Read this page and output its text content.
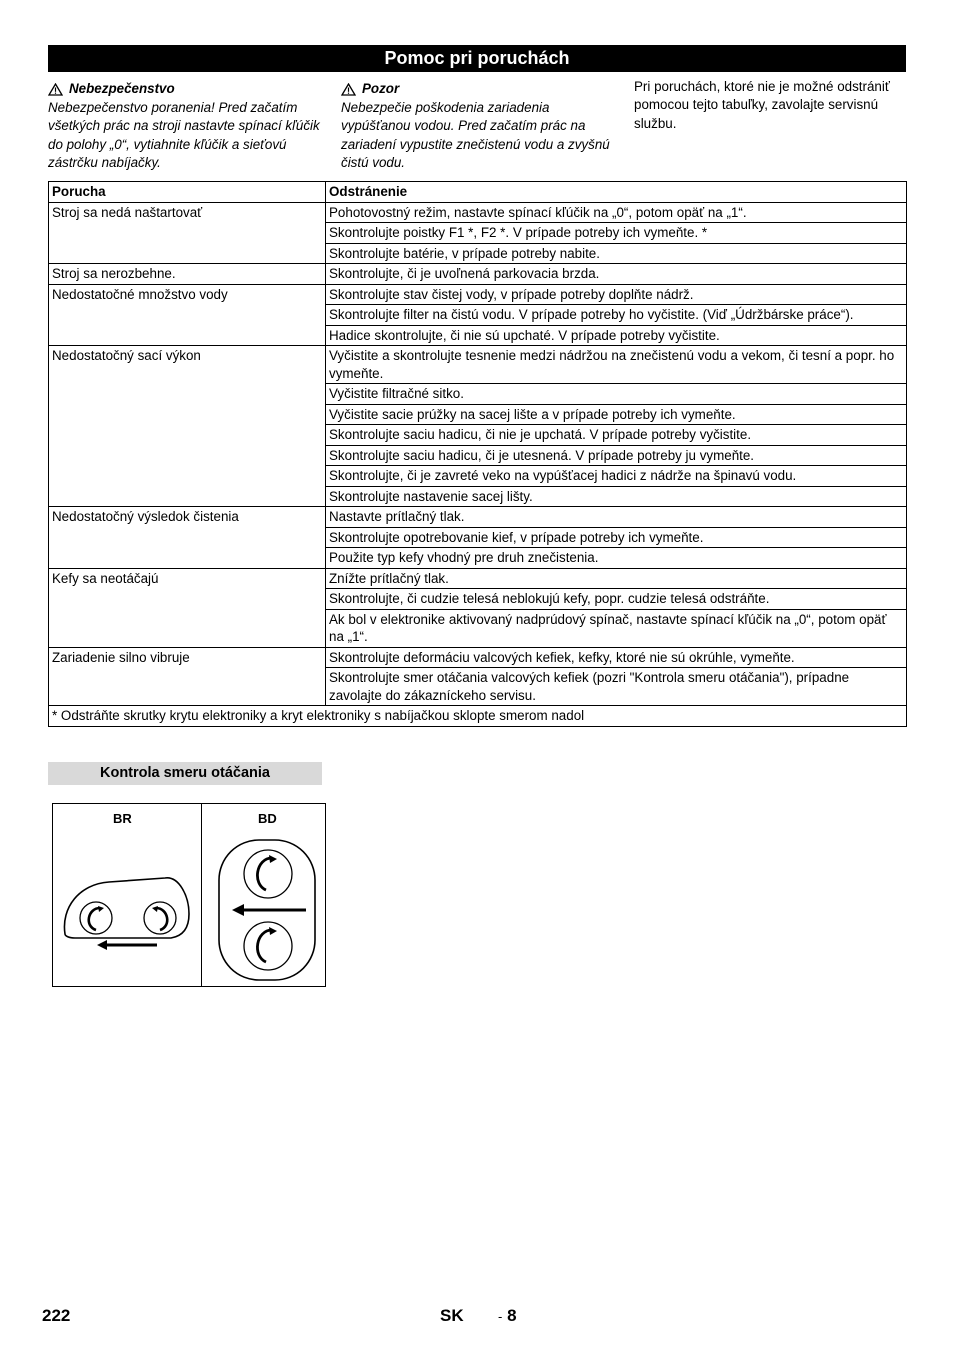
Pomoc pri poruchách
Nebezpečenstvo
Nebezpečenstvo poranenia! Pred začatím všetkých prác na stroji nastavte spínací kľúčik do polohy „0“, vytiahnite kľúčik a sieťovú zástrčku nabíjačky.
Pozor
Nebezpečie poškodenia zariadenia vypúšťanou vodou. Pred začatím prác na zariadení vypustite znečistenú vodu a zvyšnú čistú vodu.
Pri poruchách, ktoré nie je možné odstrániť pomocou tejto tabuľky, zavolajte servisnú službu.
Porucha	Odstránenie
Stroj sa nedá naštartovať	Pohotovostný režim, nastavte spínací kľúčik na „0“, potom opäť na „1“.
	Skontrolujte poistky F1 *, F2 *. V prípade potreby ich vymeňte. *
	Skontrolujte batérie, v prípade potreby nabite.
Stroj sa nerozbehne.	Skontrolujte, či je uvoľnená parkovacia brzda.
Nedostatočné množstvo vody	Skontrolujte stav čistej vody, v prípade potreby doplňte nádrž.
	Skontrolujte filter na čistú vodu. V prípade potreby ho vyčistite. (Viď „Údržbárske práce“).
	Hadice skontrolujte, či nie sú upchaté. V prípade potreby vyčistite.
Nedostatočný sací výkon	Vyčistite a skontrolujte tesnenie medzi nádržou na znečistenú vodu a vekom, či tesní a popr. ho vymeňte.
	Vyčistite filtračné sitko.
	Vyčistite sacie prúžky na sacej lište a v prípade potreby ich vymeňte.
	Skontrolujte saciu hadicu, či nie je upchatá. V prípade potreby vyčistite.
	Skontrolujte saciu hadicu, či je utesnená. V prípade potreby ju vymeňte.
	Skontrolujte, či je zavreté veko na vypúšťacej hadici z nádrže na špinavú vodu.
	Skontrolujte nastavenie sacej lišty.
Nedostatočný výsledok čistenia	Nastavte prítlačný tlak.
	Skontrolujte opotrebovanie kief, v prípade potreby ich vymeňte.
	Použite typ kefy vhodný pre druh znečistenia.
Kefy sa neotáčajú	Znížte prítlačný tlak.
	Skontrolujte, či cudzie telesá neblokujú kefy, popr. cudzie telesá odstráňte.
	Ak bol v elektronike aktivovaný nadprúdový spínač, nastavte spínací kľúčik na „0“, potom opäť na „1“.
Zariadenie silno vibruje	Skontrolujte deformáciu valcových kefiek, kefky, ktoré nie sú okrúhle, vymeňte.
	Skontrolujte smer otáčania valcových kefiek (pozri "Kontrola smeru otáčania"), prípadne zavolajte do zákazníckeho servisu.
* Odstráňte skrutky krytu elektroniky a kryt elektroniky s nabíjačkou sklopte smerom nadol	
Kontrola smeru otáčania
BR	BD
222	SK	- 8
